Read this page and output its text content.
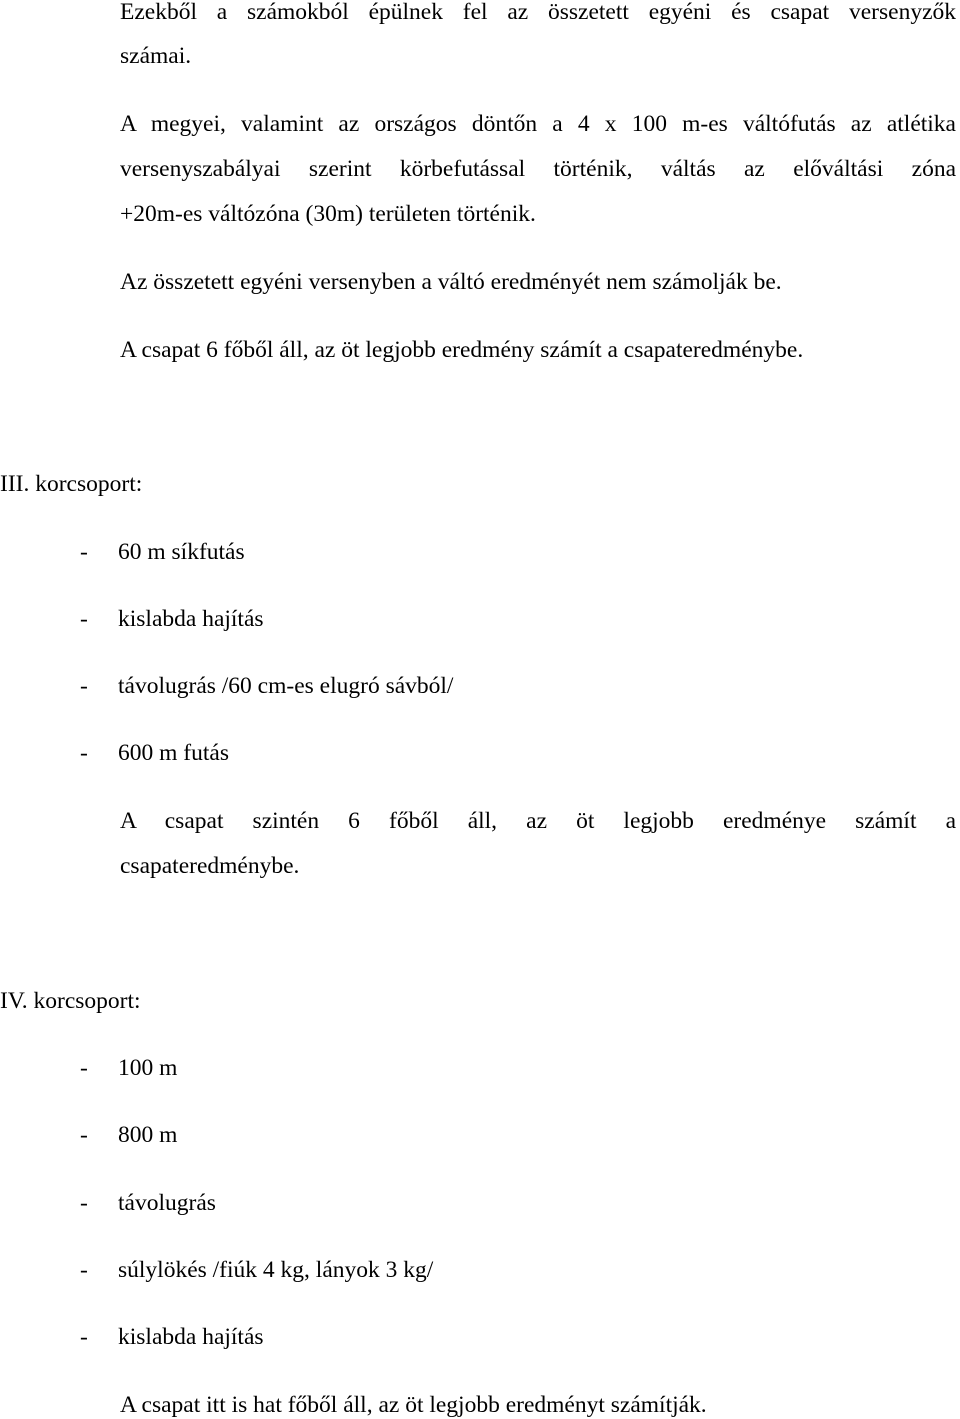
Ezekből a számokból épülnek fel az összetett egyéni és csapat versenyzők
számai.
A megyei, valamint az országos döntőn a 4 x 100 m-es váltófutás az atlétika
versenyszabályai szerint körbefutással történik, váltás az előváltási zóna
+20m-es váltózóna (30m) területen történik.
Az összetett egyéni versenyben a váltó eredményét nem számolják be.
A csapat 6 főből áll, az öt legjobb eredmény számít a csapateredménybe.
III. korcsoport:
- 60 m síkfutás
- kislabda hajítás
- távolugrás /60 cm-es elugró sávból/
- 600 m futás
A csapat szintén 6 főből áll, az öt legjobb eredménye számít a
csapateredménybe.
IV. korcsoport:
- 100 m
- 800 m
- távolugrás
- súlylökés /fiúk 4 kg, lányok 3 kg/
- kislabda hajítás
A csapat itt is hat főből áll, az öt legjobb eredményt számítják.
